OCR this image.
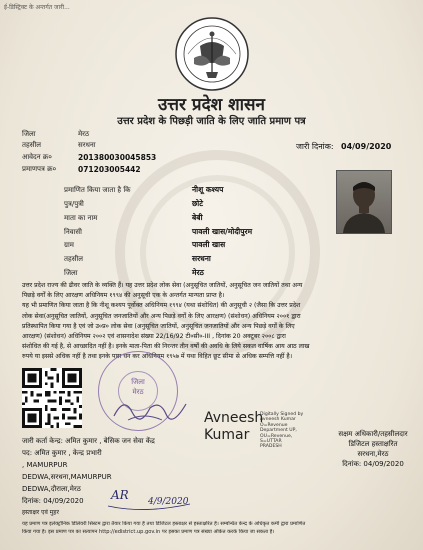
ई-डिस्ट्रिक्ट के अन्तर्गत जारी...
उत्तर प्रदेश शासन
उत्तर प्रदेश के पिछड़ी जाति के लिए जाति प्रमाण पत्र
जिला	मेरठ
तहसील	सरधना
आवेदन क्र०	201380030045853
प्रमाणपत्र क्र०	071203005442
जारी दिनांक: 04/09/2020
प्रमाणित किया जाता है कि	नीशू कश्यप
पुत्र/पुत्री	छोटे
माता का नाम	बेबी
निवासी	पावली खास/मोदीपुरम
ग्राम	पावली खास
तहसील	सरधना
जिला	मेरठ
उत्तर प्रदेश राज्य की ढीवर जाति के व्यक्ति हैं। यह उत्तर प्रदेश लोक सेवा (अनुसूचित जातियों, अनुसूचित जन जातियों तथा अन्य
पिछड़े वर्गों के लिए आरक्षण अधिनियम १९९४ की अनुसूची एक के अन्तर्गत मान्यता प्राप्त है।
यह भी प्रमाणित किया जाता है कि नीशू कश्यप पूर्वोक्त अधिनियम १९९४ (यथा संशोधित) की अनुसूची २ (जैसा कि उत्तर प्रदेश
लोक सेवा(अनुसूचित जातियों, अनुसूचित जनजातियों और अन्य पिछड़े वर्गों के लिए आरक्षण) (संशोधन) अधिनियम २००१ द्वारा
प्रतिस्थापित किया गया है एवं जो उ०प्र० लोक सेवा (अनुसूचित जातियों, अनुसूचित जनजातियों और अन्य पिछड़े वर्गों के लिए
आरक्षण) (संशोधन) अधिनियम २००२ एवं शासनादेश संख्या 22/16/92 टी०सी०-III , दिनांक 20 अक्टूबर २००८ द्वारा
संशोधित की गई है, से आच्छादित नहीं है। इनके माता-पिता की निरन्तर तीन वर्षों की अवधि के लिये सकल वार्षिक आय आठ लाख
रुपये या इससे अधिक नहीं है तथा इनके पास धन कर अधिनियम १९५७ में यथा विहित छूट सीमा से अधिक सम्पत्ति नहीं है।
जिला
मेरठ
Avneesh
Kumar
Digitally Signed by
Avneesh Kumar
O=Revenue
Department UP,
OU=Revenue,
S=UTTAR
PRADESH
सक्षम अधिकारी/तहसीलदार
डिजिटल हस्ताक्षरित
सरधना,मेरठ
दिनांक: 04/09/2020
जारी कर्ता केन्द्र: अमित कुमार , बेसिक जन सेवा केंद्र
पद: अमित कुमार , केन्द्र प्रभारी
, MAMURPUR
DEDWA,सरधना,MAMURPUR
DEDWA,दौराला,मेरठ
दिनांक: 04/09/2020
हस्ताक्षर एवं मुहर
AR 4/9/2020
यह प्रमाण पत्र इलेक्ट्रॉनिक डिलिवरी सिस्टम द्वारा तैयार किया गया है तथा डिजिटल हस्ताक्षर से हस्ताक्षरित है। सम्बन्धित केन्द्र के अधिकृत कर्मी द्वारा प्रमाणित
किया गया है। इस प्रमाण पत्र का सत्यापन http://edistrict.up.gov.in पर इसका प्रमाण पत्र संख्या अंकित करके किया जा सकता है।
